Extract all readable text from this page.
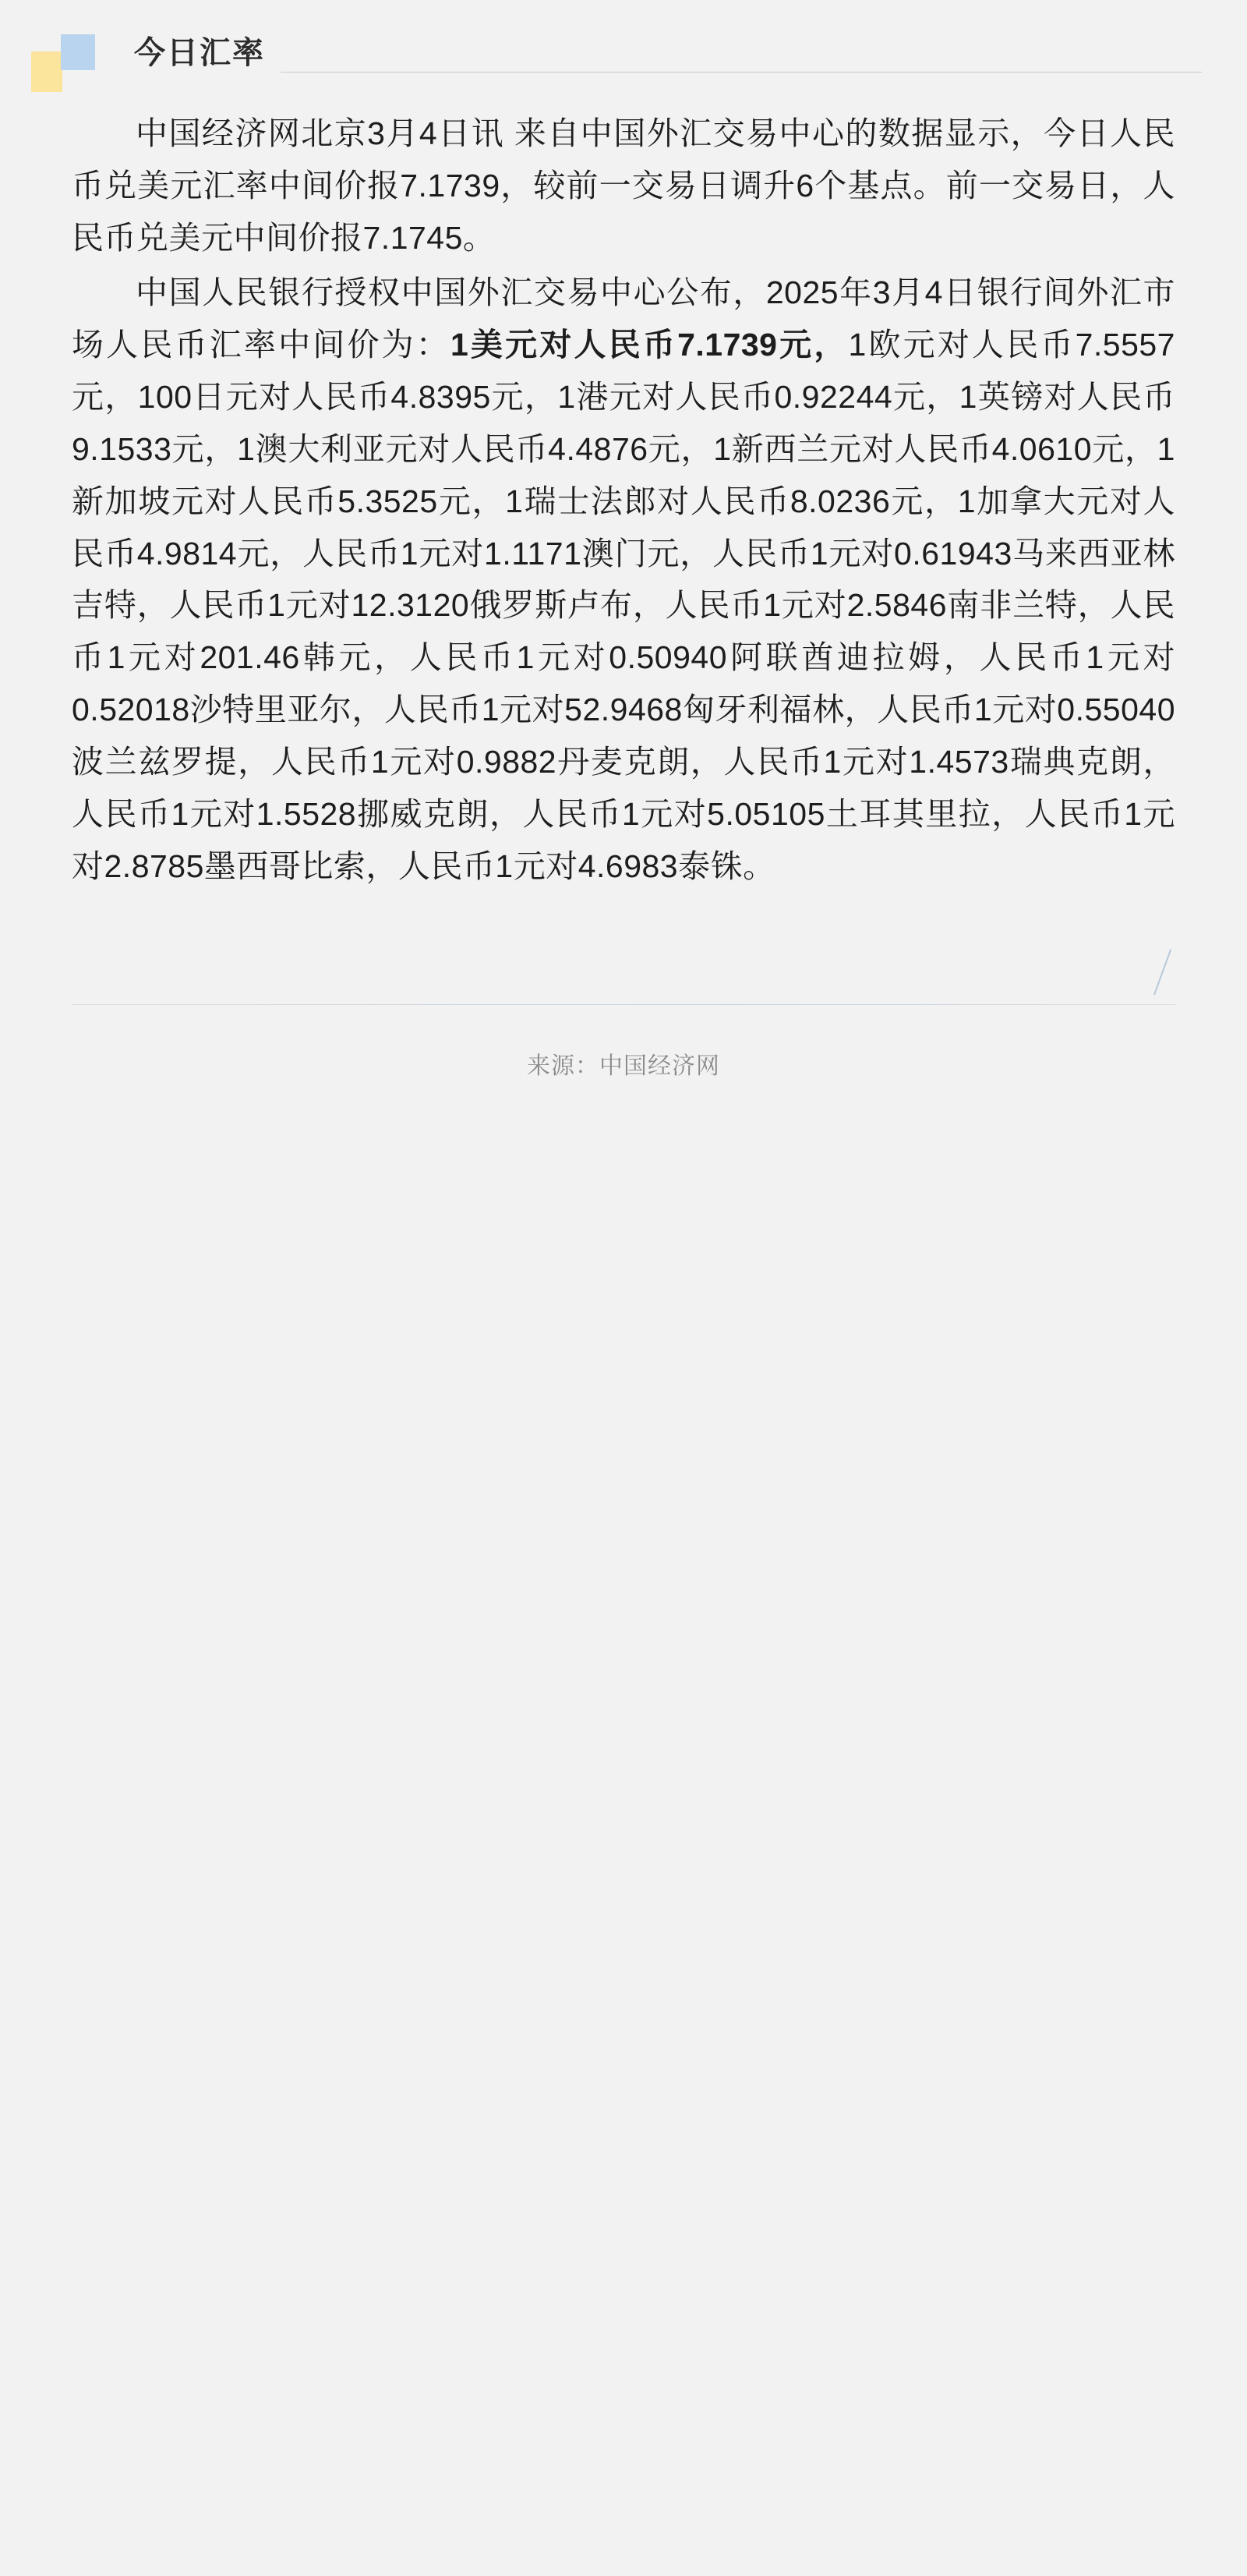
今日汇率

中国经济网北京3月4日讯 来自中国外汇交易中心的数据显示，今日人民币兑美元汇率中间价报7.1739，较前一交易日调升6个基点。前一交易日，人民币兑美元中间价报7.1745。

中国人民银行授权中国外汇交易中心公布，2025年3月4日银行间外汇市场人民币汇率中间价为：1美元对人民币7.1739元，1欧元对人民币7.5557元，100日元对人民币4.8395元，1港元对人民币0.92244元，1英镑对人民币9.1533元，1澳大利亚元对人民币4.4876元，1新西兰元对人民币4.0610元，1新加坡元对人民币5.3525元，1瑞士法郎对人民币8.0236元，1加拿大元对人民币4.9814元，人民币1元对1.1171澳门元，人民币1元对0.61943马来西亚林吉特，人民币1元对12.3120俄罗斯卢布，人民币1元对2.5846南非兰特，人民币1元对201.46韩元，人民币1元对0.50940阿联酋迪拉姆，人民币1元对0.52018沙特里亚尔，人民币1元对52.9468匈牙利福林，人民币1元对0.55040波兰兹罗提，人民币1元对0.9882丹麦克朗，人民币1元对1.4573瑞典克朗，人民币1元对1.5528挪威克朗，人民币1元对5.05105土耳其里拉，人民币1元对2.8785墨西哥比索，人民币1元对4.6983泰铢。

来源：中国经济网
